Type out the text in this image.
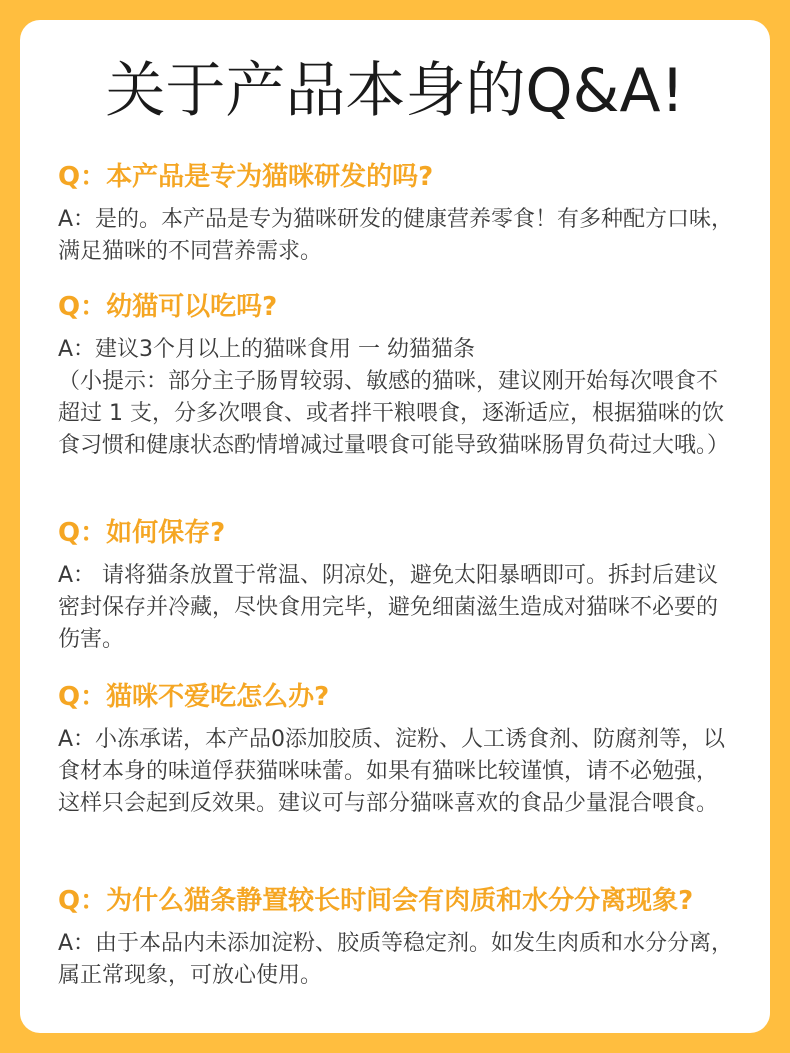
关于产品本身的Q&A!

Q：本产品是专为猫咪研发的吗?

A：是的。本产品是专为猫咪研发的健康营养零食！有多种配方口味，满足猫咪的不同营养需求。

Q：幼猫可以吃吗?

A：建议3个月以上的猫咪食用 一 幼猫猫条

（小提示：部分主子肠胃较弱、敏感的猫咪，建议刚开始每次喂食不超过 1 支，分多次喂食、或者拌干粮喂食，逐渐适应，根据猫咪的饮食习惯和健康状态酌情增减过量喂食可能导致猫咪肠胃负荷过大哦。）

Q：如何保存?

A： 请将猫条放置于常温、阴凉处，避免太阳暴晒即可。拆封后建议密封保存并冷藏，尽快食用完毕，避免细菌滋生造成对猫咪不必要的伤害。

Q：猫咪不爱吃怎么办?

A：小冻承诺，本产品0添加胶质、淀粉、人工诱食剂、防腐剂等，以食材本身的味道俘获猫咪味蕾。如果有猫咪比较谨慎，请不必勉强，这样只会起到反效果。建议可与部分猫咪喜欢的食品少量混合喂食。

Q：为什么猫条静置较长时间会有肉质和水分分离现象?

A：由于本品内未添加淀粉、胶质等稳定剂。如发生肉质和水分分离，属正常现象，可放心使用。
